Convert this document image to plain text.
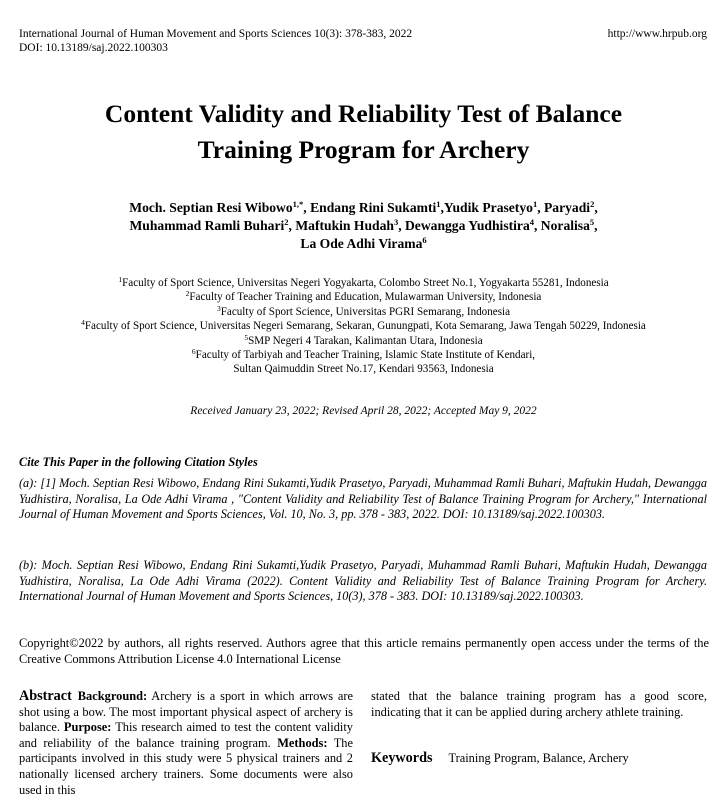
International Journal of Human Movement and Sports Sciences 10(3): 378-383, 2022
DOI: 10.13189/saj.2022.100303
http://www.hrpub.org
Content Validity and Reliability Test of Balance
Training Program for Archery
Moch. Septian Resi Wibowo$^{1,*}$, Endang Rini Sukamti$^1$,Yudik Prasetyo$^1$, Paryadi$^2$,
Muhammad Ramli Buhari$^2$, Maftukin Hudah$^3$, Dewangga Yudhistira$^4$, Noralisa$^5$,
La Ode Adhi Virama$^6$
$^1$Faculty of Sport Science, Universitas Negeri Yogyakarta, Colombo Street No.1, Yogyakarta 55281, Indonesia
$^2$Faculty of Teacher Training and Education, Mulawarman University, Indonesia
$^3$Faculty of Sport Science, Universitas PGRI Semarang, Indonesia
$^4$Faculty of Sport Science, Universitas Negeri Semarang, Sekaran, Gunungpati, Kota Semarang, Jawa Tengah 50229, Indonesia
$^5$SMP Negeri 4 Tarakan, Kalimantan Utara, Indonesia
$^6$Faculty of Tarbiyah and Teacher Training, Islamic State Institute of Kendari,
Sultan Qaimuddin Street No.17, Kendari 93563, Indonesia
Received January 23, 2022; Revised April 28, 2022; Accepted May 9, 2022
Cite This Paper in the following Citation Styles
(a): [1] Moch. Septian Resi Wibowo, Endang Rini Sukamti,Yudik Prasetyo, Paryadi, Muhammad Ramli Buhari, Maftukin Hudah, Dewangga Yudhistira, Noralisa, La Ode Adhi Virama , "Content Validity and Reliability Test of Balance Training Program for Archery," International Journal of Human Movement and Sports Sciences, Vol. 10, No. 3, pp. 378 - 383, 2022. DOI: 10.13189/saj.2022.100303.
(b): Moch. Septian Resi Wibowo, Endang Rini Sukamti,Yudik Prasetyo, Paryadi, Muhammad Ramli Buhari, Maftukin Hudah, Dewangga Yudhistira, Noralisa, La Ode Adhi Virama (2022). Content Validity and Reliability Test of Balance Training Program for Archery. International Journal of Human Movement and Sports Sciences, 10(3), 378 - 383. DOI: 10.13189/saj.2022.100303.
Copyright©2022 by authors, all rights reserved. Authors agree that this article remains permanently open access under the terms of the Creative Commons Attribution License 4.0 International License
Abstract Background: Archery is a sport in which arrows are shot using a bow. The most important physical aspect of archery is balance. Purpose: This research aimed to test the content validity and reliability of the balance training program. Methods: The participants involved in this study were 5 physical trainers and 2 nationally licensed archery trainers. Some documents were also used in this
stated that the balance training program has a good score, indicating that it can be applied during archery athlete training.
Keywords Training Program, Balance, Archery
